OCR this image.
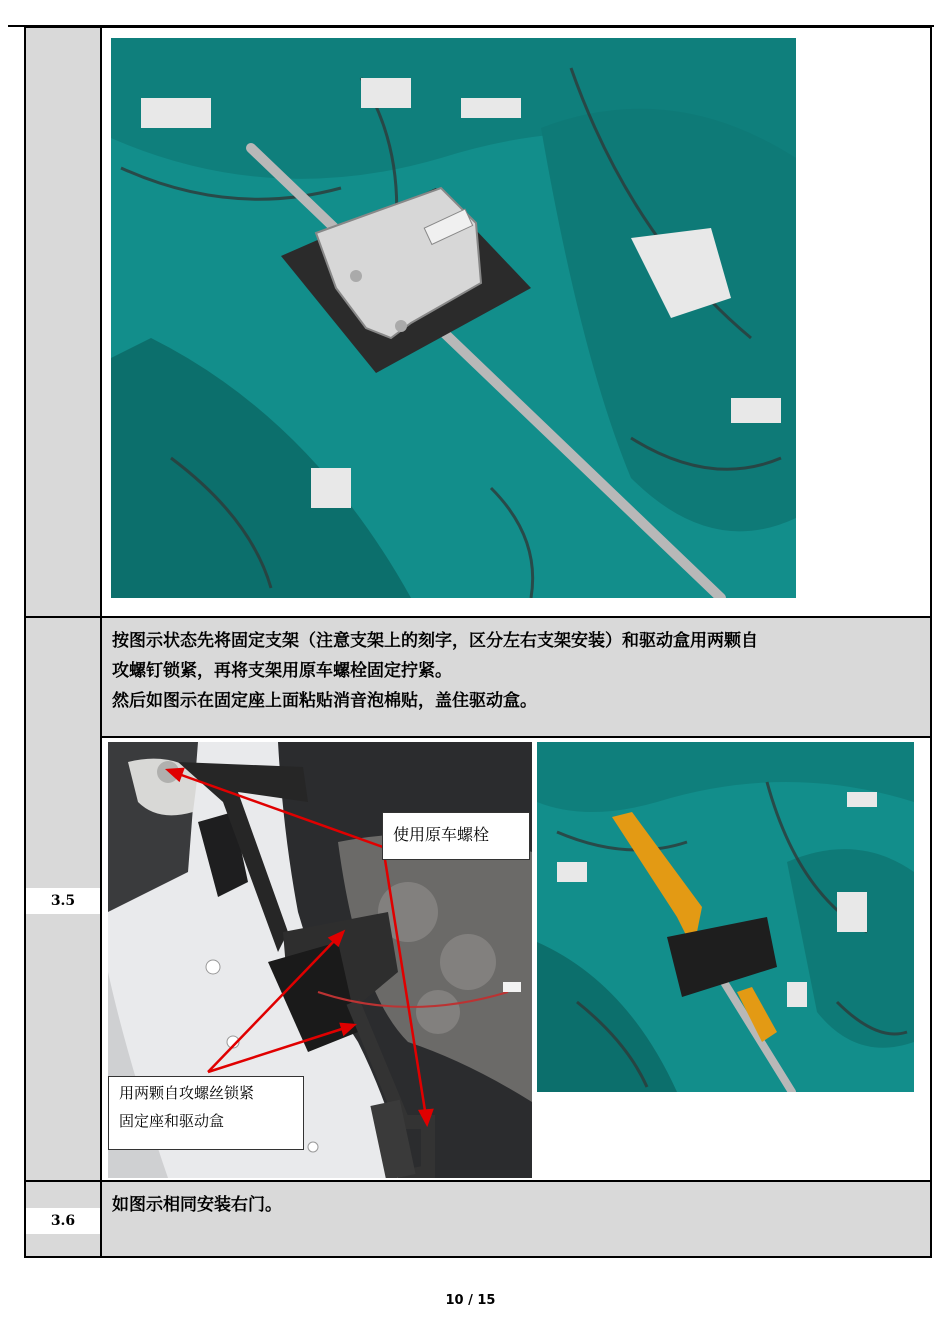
按图示状态先将固定支架（注意支架上的刻字，区分左右支架安装）和驱动盒用两颗自
攻螺钉锁紧，再将支架用原车螺栓固定拧紧。
然后如图示在固定座上面粘贴消音泡棉贴，盖住驱动盒。
3.5
使用原车螺栓
用两颗自攻螺丝锁紧
固定座和驱动盒
如图示相同安装右门。
3.6
10 / 15
